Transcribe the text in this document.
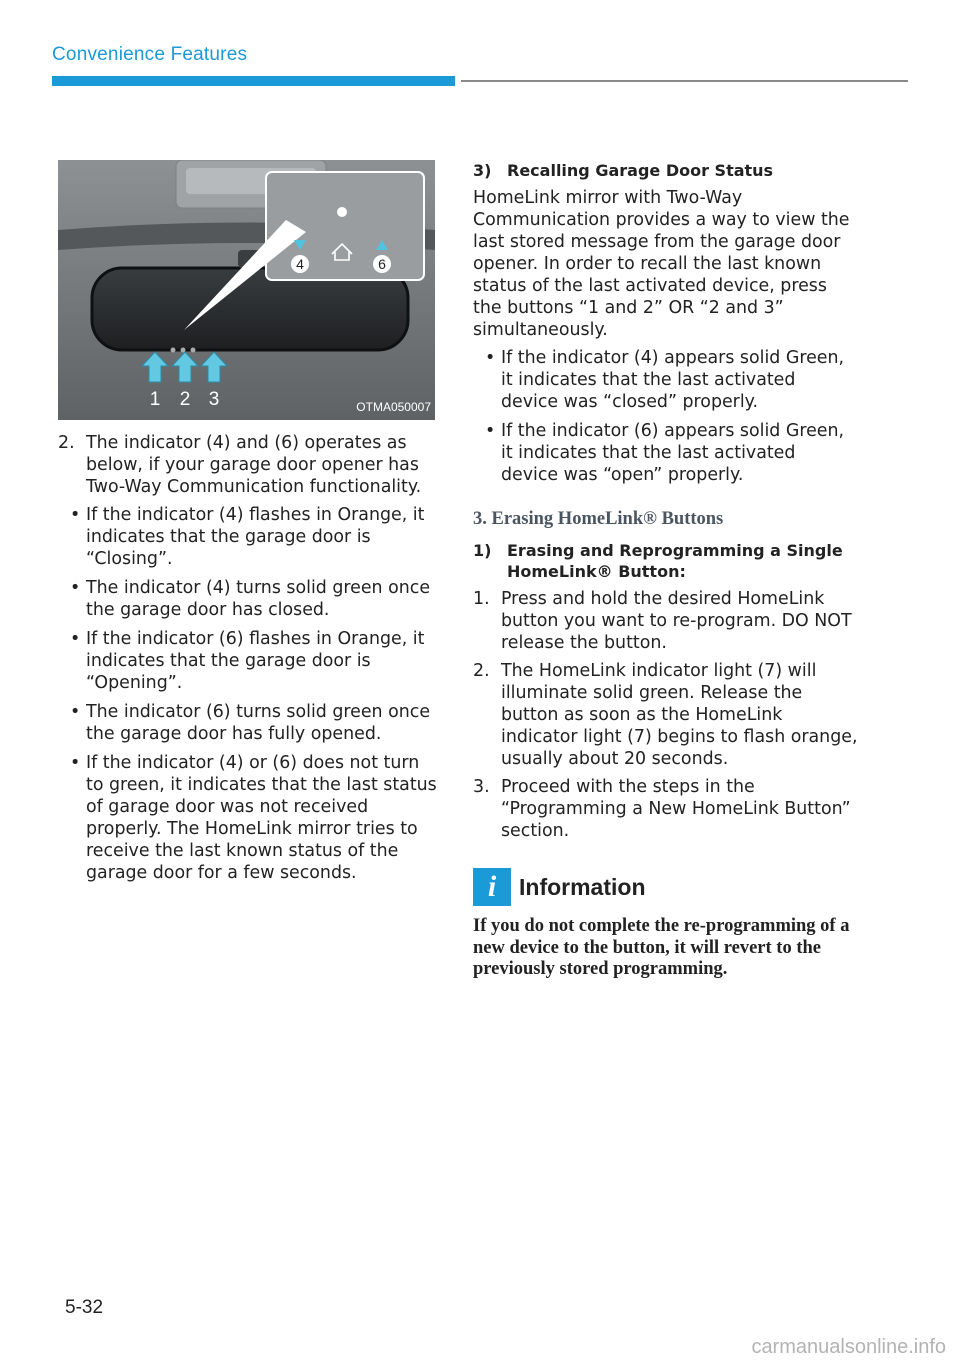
Convenience Features
4	6
1 2 3	OTMA050007
2. The indicator (4) and (6) operates as below, if your garage door opener has Two-Way Communication functionality.
• If the indicator (4) flashes in Orange, it indicates that the garage door is “Closing”.
• The indicator (4) turns solid green once the garage door has closed.
• If the indicator (6) flashes in Orange, it indicates that the garage door is “Opening”.
• The indicator (6) turns solid green once the garage door has fully opened.
• If the indicator (4) or (6) does not turn to green, it indicates that the last status of garage door was not received properly. The HomeLink mirror tries to receive the last known status of the garage door for a few seconds.
3) Recalling Garage Door Status
HomeLink mirror with Two-Way Communication provides a way to view the last stored message from the garage door opener. In order to recall the last known status of the last activated device, press the buttons “1 and 2” OR “2 and 3” simultaneously.
• If the indicator (4) appears solid Green, it indicates that the last activated device was “closed” properly.
• If the indicator (6) appears solid Green, it indicates that the last activated device was “open” properly.
3. Erasing HomeLink® Buttons
1) Erasing and Reprogramming a Single HomeLink® Button:
1. Press and hold the desired HomeLink button you want to re-program. DO NOT release the button.
2. The HomeLink indicator light (7) will illuminate solid green. Release the button as soon as the HomeLink indicator light (7) begins to flash orange, usually about 20 seconds.
3. Proceed with the steps in the “Programming a New HomeLink Button” section.
i Information
If you do not complete the re-programming of a new device to the button, it will revert to the previously stored programming.
5-32
carmanualsonline.info
